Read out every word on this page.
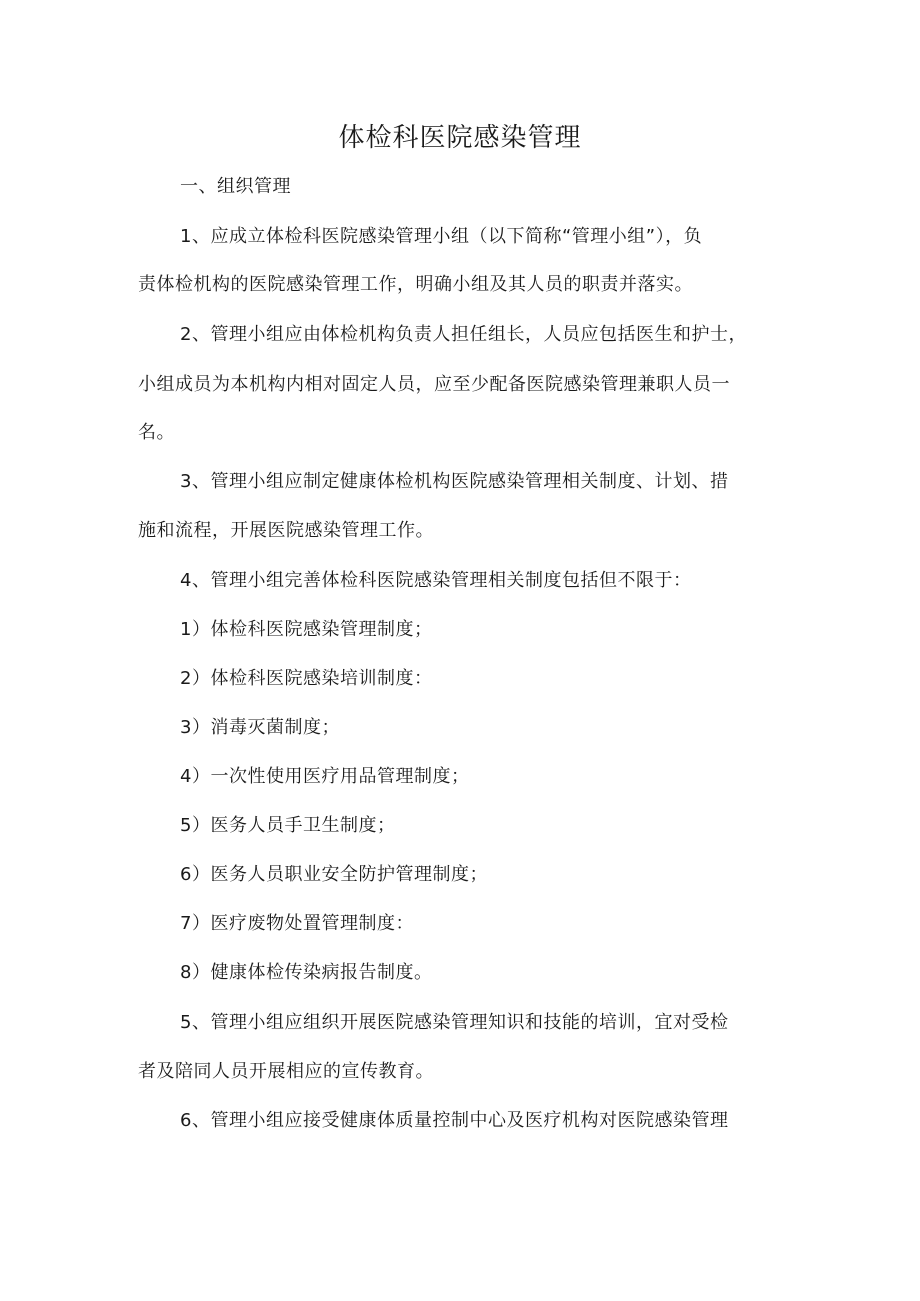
体检科医院感染管理
一、组织管理
1、应成立体检科医院感染管理小组（以下简称“管理小组”），负
责体检机构的医院感染管理工作，明确小组及其人员的职责并落实。
2、管理小组应由体检机构负责人担任组长，人员应包括医生和护士，
小组成员为本机构内相对固定人员，应至少配备医院感染管理兼职人员一
名。
3、管理小组应制定健康体检机构医院感染管理相关制度、计划、措
施和流程，开展医院感染管理工作。
4、管理小组完善体检科医院感染管理相关制度包括但不限于：
1）体检科医院感染管理制度；
2）体检科医院感染培训制度：
3）消毒灭菌制度；
4）一次性使用医疗用品管理制度；
5）医务人员手卫生制度；
6）医务人员职业安全防护管理制度；
7）医疗废物处置管理制度：
8）健康体检传染病报告制度。
5、管理小组应组织开展医院感染管理知识和技能的培训，宜对受检
者及陪同人员开展相应的宣传教育。
6、管理小组应接受健康体质量控制中心及医疗机构对医院感染管理
